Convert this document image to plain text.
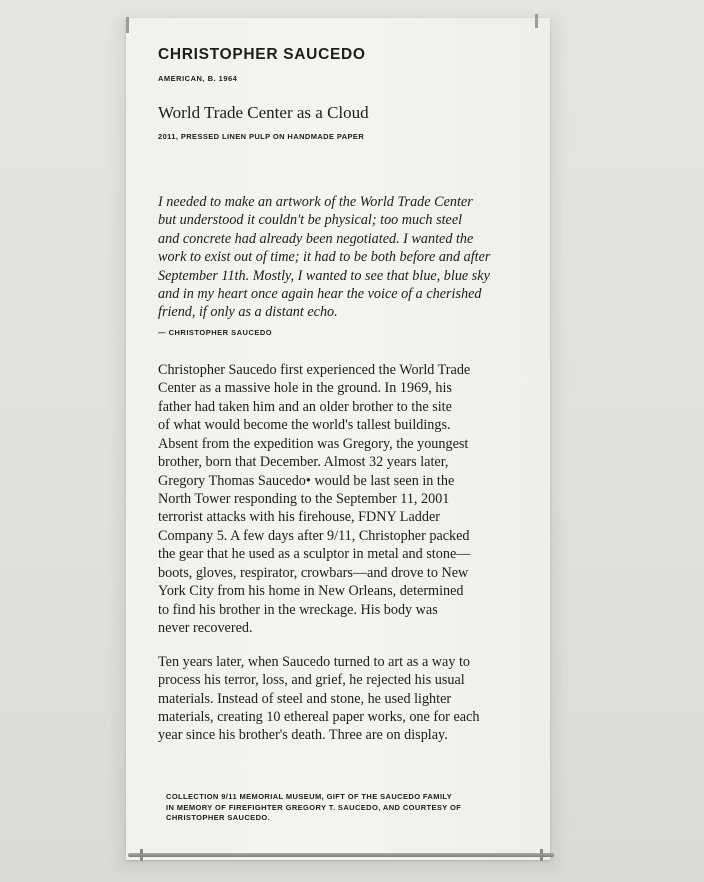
CHRISTOPHER SAUCEDO
AMERICAN, B. 1964
World Trade Center as a Cloud
2011, PRESSED LINEN PULP ON HANDMADE PAPER
I needed to make an artwork of the World Trade Center
but understood it couldn't be physical; too much steel
and concrete had already been negotiated. I wanted the
work to exist out of time; it had to be both before and after
September 11th. Mostly, I wanted to see that blue, blue sky
and in my heart once again hear the voice of a cherished
friend, if only as a distant echo.
— CHRISTOPHER SAUCEDO
Christopher Saucedo first experienced the World Trade
Center as a massive hole in the ground. In 1969, his
father had taken him and an older brother to the site
of what would become the world's tallest buildings.
Absent from the expedition was Gregory, the youngest
brother, born that December. Almost 32 years later,
Gregory Thomas Saucedo• would be last seen in the
North Tower responding to the September 11, 2001
terrorist attacks with his firehouse, FDNY Ladder
Company 5. A few days after 9/11, Christopher packed
the gear that he used as a sculptor in metal and stone—
boots, gloves, respirator, crowbars—and drove to New
York City from his home in New Orleans, determined
to find his brother in the wreckage. His body was
never recovered.
Ten years later, when Saucedo turned to art as a way to
process his terror, loss, and grief, he rejected his usual
materials. Instead of steel and stone, he used lighter
materials, creating 10 ethereal paper works, one for each
year since his brother's death. Three are on display.
COLLECTION 9/11 MEMORIAL MUSEUM, GIFT OF THE SAUCEDO FAMILY
IN MEMORY OF FIREFIGHTER GREGORY T. SAUCEDO, AND COURTESY OF
CHRISTOPHER SAUCEDO.
